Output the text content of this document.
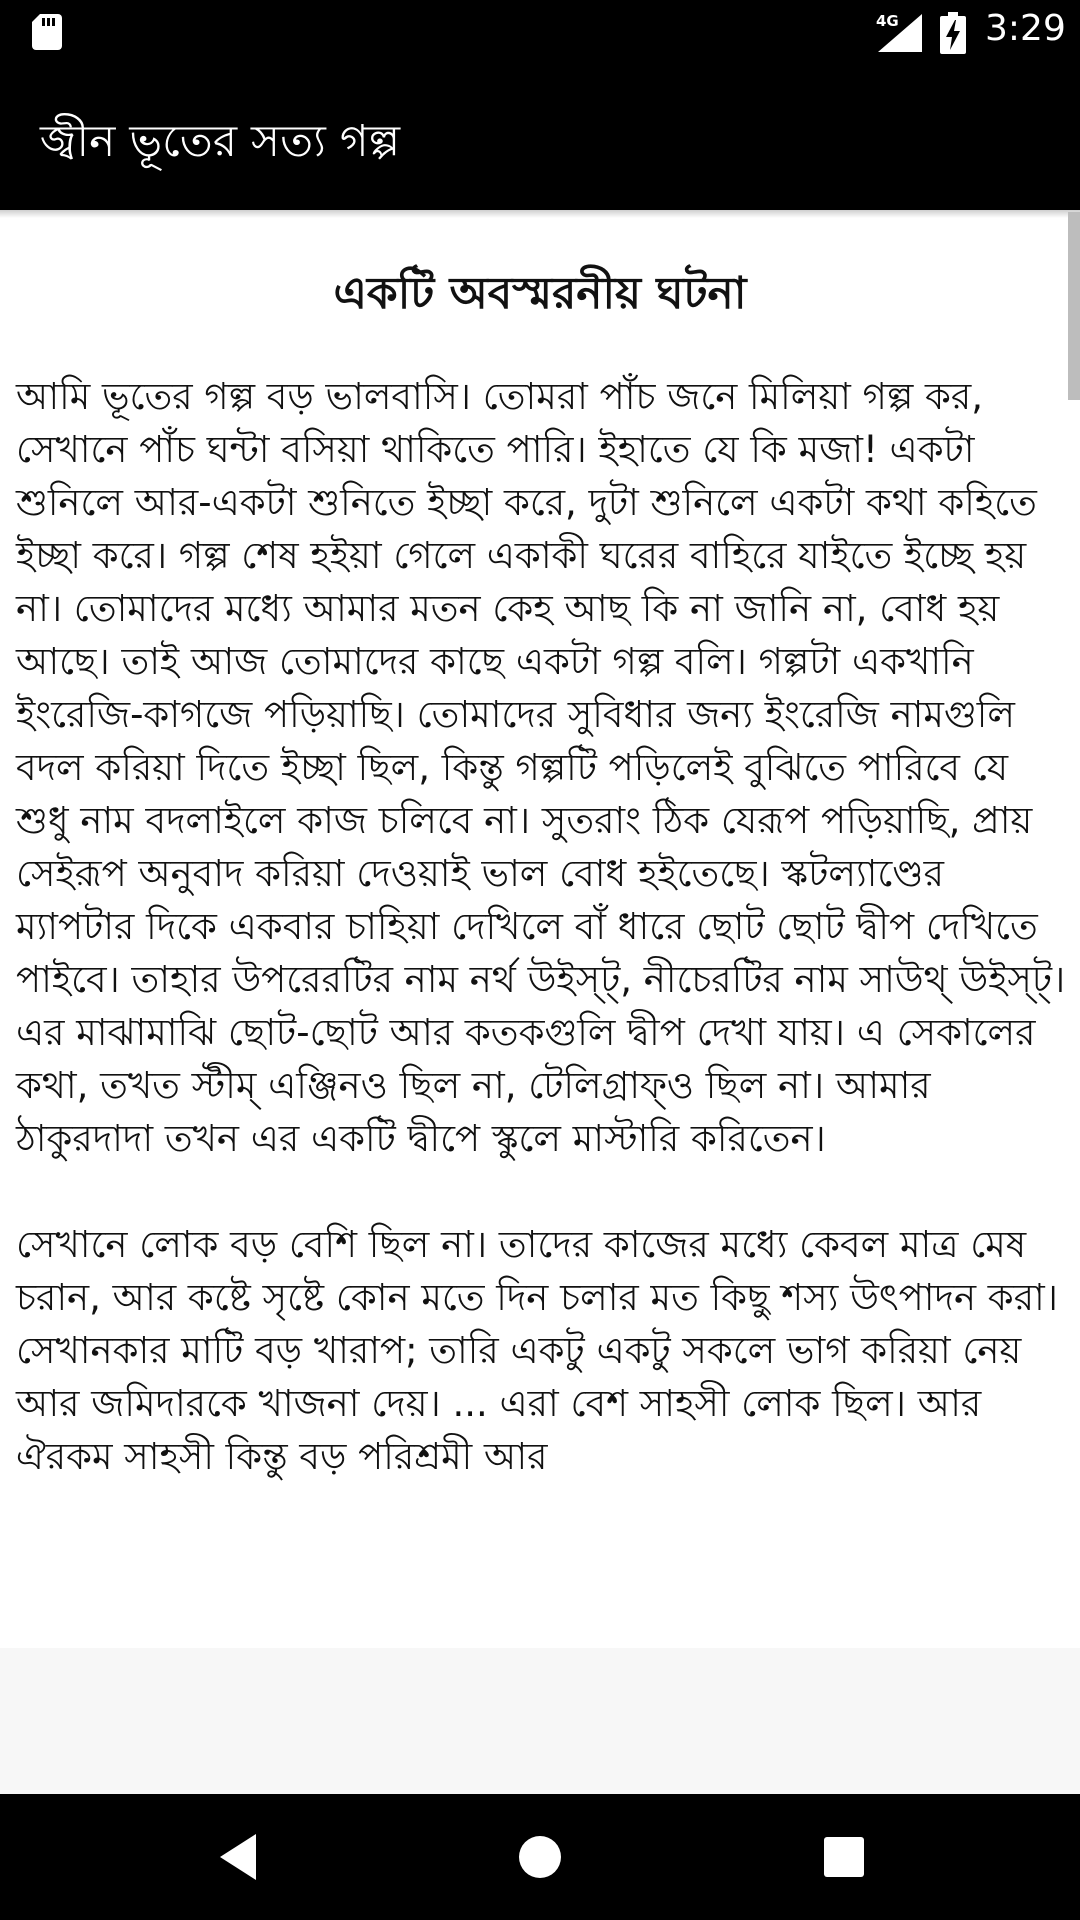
4G 3:29
জ্বীন ভূতের সত্য গল্প
একটি অবস্মরনীয় ঘটনা

আমি ভূতের গল্প বড় ভালবাসি। তোমরা পাঁচ জনে মিলিয়া গল্প কর, সেখানে পাঁচ ঘন্টা বসিয়া থাকিতে পারি। ইহাতে যে কি মজা! একটা শুনিলে আর-একটা শুনিতে ইচ্ছা করে, দুটা শুনিলে একটা কথা কহিতে ইচ্ছা করে। গল্প শেষ হইয়া গেলে একাকী ঘরের বাহিরে যাইতে ইচ্ছে হয় না। তোমাদের মধ্যে আমার মতন কেহ আছ কি না জানি না, বোধ হয় আছে। তাই আজ তোমাদের কাছে একটা গল্প বলি। গল্পটা একখানি ইংরেজি-কাগজে পড়িয়াছি। তোমাদের সুবিধার জন্য ইংরেজি নামগুলি বদল করিয়া দিতে ইচ্ছা ছিল, কিন্তু গল্পটি পড়িলেই বুঝিতে পারিবে যে শুধু নাম বদলাইলে কাজ চলিবে না। সুতরাং ঠিক যেরূপ পড়িয়াছি, প্রায় সেইরূপ অনুবাদ করিয়া দেওয়াই ভাল বোধ হইতেছে। স্কটল্যাণ্ডের ম্যাপটার দিকে একবার চাহিয়া দেখিলে বাঁ ধারে ছোট ছোট দ্বীপ দেখিতে পাইবে। তাহার উপরেরটির নাম নর্থ উইস্ট্, নীচেরটির নাম সাউথ্ উইস্ট্। এর মাঝামাঝি ছোট-ছোট আর কতকগুলি দ্বীপ দেখা যায়। এ সেকালের কথা, তখত স্টীম্ এঞ্জিনও ছিল না, টেলিগ্রাফ্ও ছিল না। আমার ঠাকুরদাদা তখন এর একটি দ্বীপে স্কুলে মাস্টারি করিতেন।

সেখানে লোক বড় বেশি ছিল না। তাদের কাজের মধ্যে কেবল মাত্র মেষ চরান, আর কষ্টে সৃষ্টে কোন মতে দিন চলার মত কিছু শস্য উৎপাদন করা। সেখানকার মাটি বড় খারাপ; তারি একটু একটু সকলে ভাগ করিয়া নেয় আর জমিদারকে খাজনা দেয়। ... এরা বেশ সাহসী লোক ছিল। আর ঐরকম সাহসী কিন্তু বড় পরিশ্রমী আর
